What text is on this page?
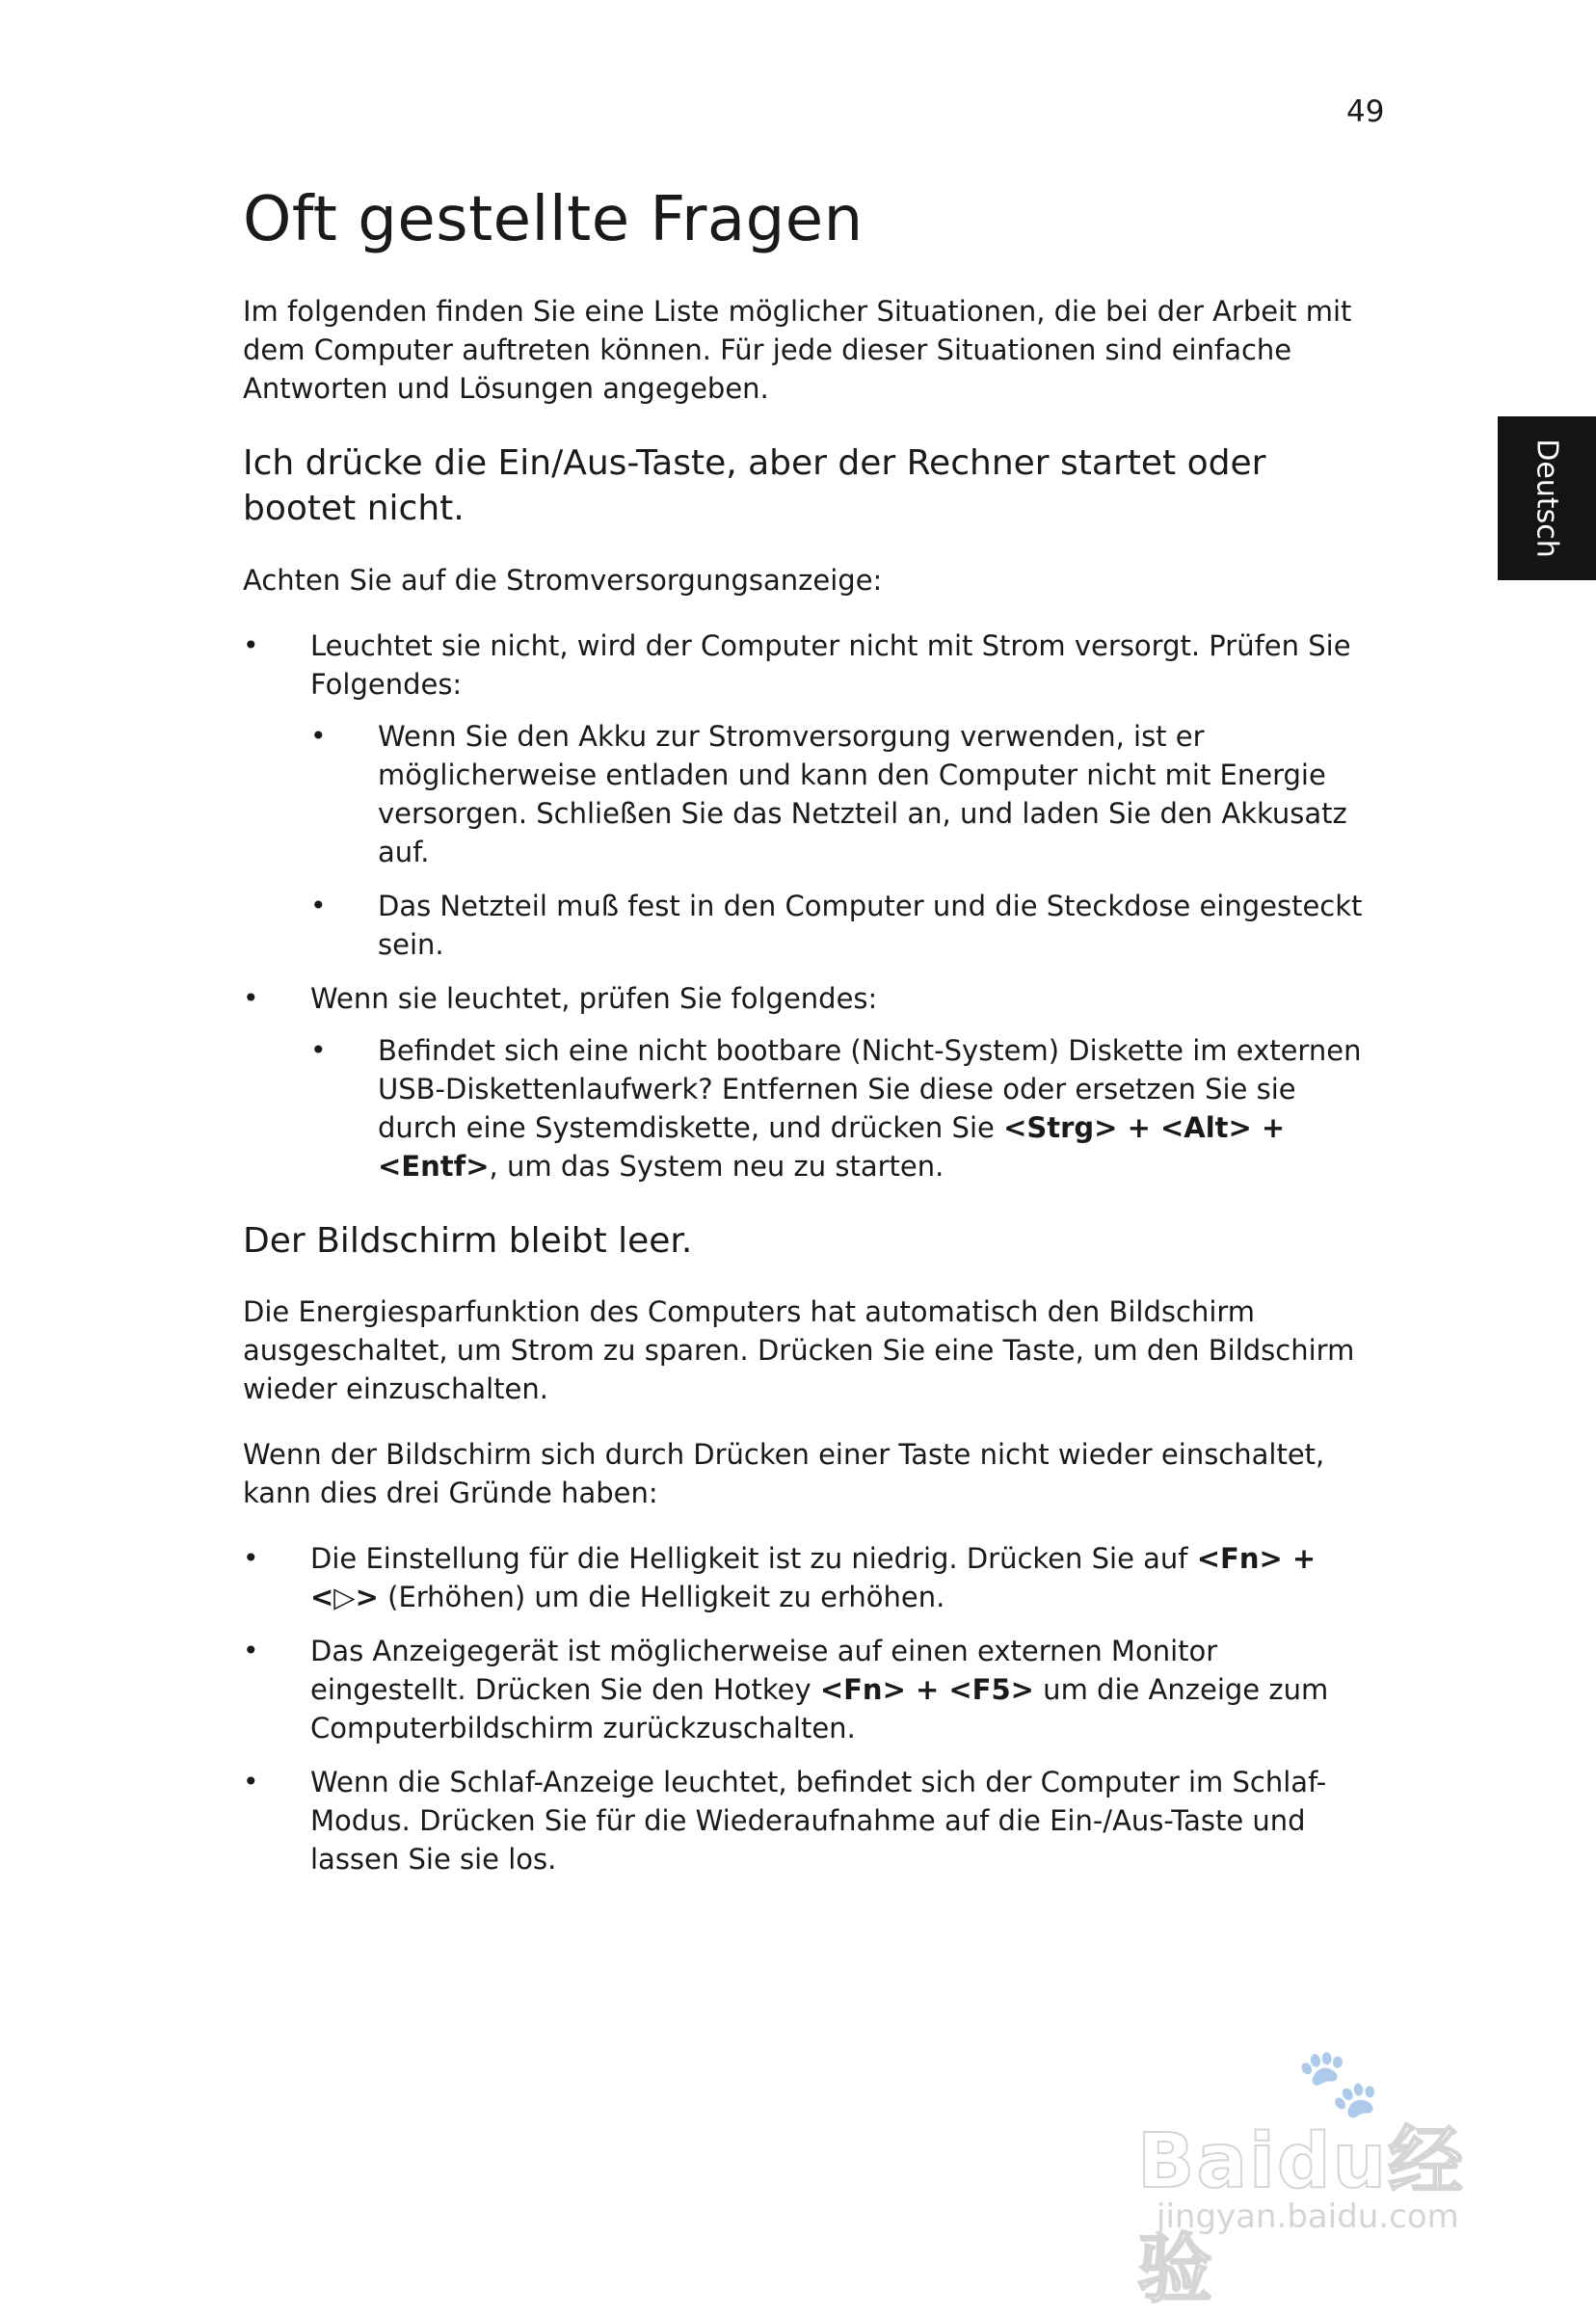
49
Deutsch
Oft gestellte Fragen

Im folgenden finden Sie eine Liste möglicher Situationen, die bei der Arbeit mit dem Computer auftreten können. Für jede dieser Situationen sind einfache Antworten und Lösungen angegeben.

Ich drücke die Ein/Aus-Taste, aber der Rechner startet oder bootet nicht.

Achten Sie auf die Stromversorgungsanzeige:

• Leuchtet sie nicht, wird der Computer nicht mit Strom versorgt. Prüfen Sie Folgendes:
• Wenn Sie den Akku zur Stromversorgung verwenden, ist er möglicherweise entladen und kann den Computer nicht mit Energie versorgen. Schließen Sie das Netzteil an, und laden Sie den Akkusatz auf.
• Das Netzteil muß fest in den Computer und die Steckdose eingesteckt sein.
• Wenn sie leuchtet, prüfen Sie folgendes:
• Befindet sich eine nicht bootbare (Nicht-System) Diskette im externen USB-Diskettenlaufwerk? Entfernen Sie diese oder ersetzen Sie sie durch eine Systemdiskette, und drücken Sie <Strg> + <Alt> + <Entf>, um das System neu zu starten.
Der Bildschirm bleibt leer.

Die Energiesparfunktion des Computers hat automatisch den Bildschirm ausgeschaltet, um Strom zu sparen. Drücken Sie eine Taste, um den Bildschirm wieder einzuschalten.

Wenn der Bildschirm sich durch Drücken einer Taste nicht wieder einschaltet, kann dies drei Gründe haben:

• Die Einstellung für die Helligkeit ist zu niedrig. Drücken Sie auf <Fn> + <▷> (Erhöhen) um die Helligkeit zu erhöhen.
• Das Anzeigegerät ist möglicherweise auf einen externen Monitor eingestellt. Drücken Sie den Hotkey <Fn> + <F5> um die Anzeige zum Computerbildschirm zurückzuschalten.
• Wenn die Schlaf-Anzeige leuchtet, befindet sich der Computer im Schlaf-Modus. Drücken Sie für die Wiederaufnahme auf die Ein-/Aus-Taste und lassen Sie sie los.
🐾
Baidu经验
jingyan.baidu.com
